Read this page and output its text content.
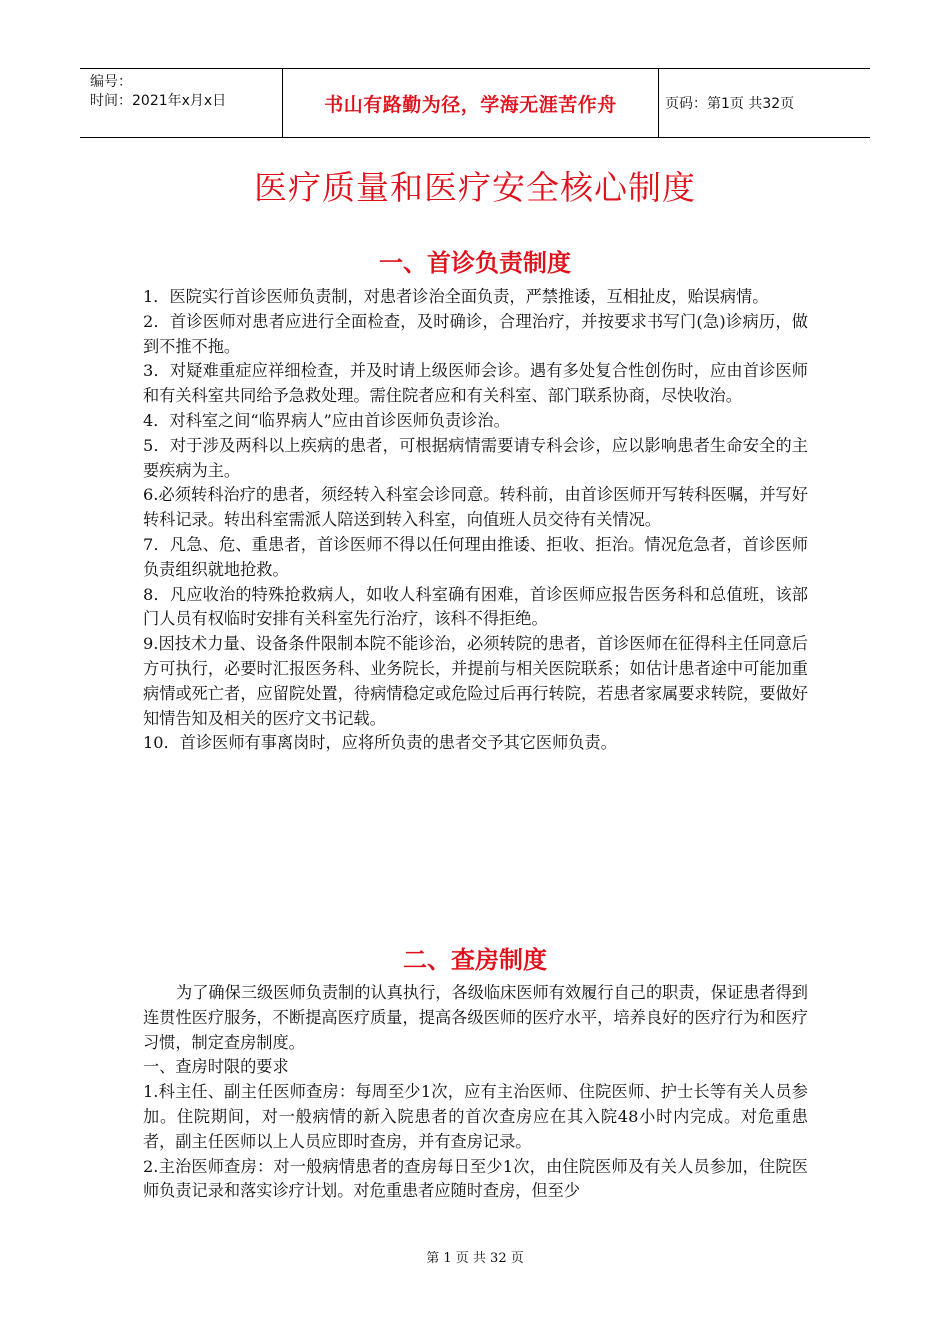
编号：
时间：2021年x月x日	书山有路勤为径，学海无涯苦作舟	页码：第1页 共32页
医疗质量和医疗安全核心制度
一、首诊负责制度

1．医院实行首诊医师负责制，对患者诊治全面负责，严禁推诿，互相扯皮，贻误病情。

2．首诊医师对患者应进行全面检查，及时确诊，合理治疗，并按要求书写门(急)诊病历，做到不推不拖。

3．对疑难重症应祥细检查，并及时请上级医师会诊。遇有多处复合性创伤时，应由首诊医师和有关科室共同给予急救处理。需住院者应和有关科室、部门联系协商，尽快收治。

4．对科室之间“临界病人”应由首诊医师负责诊治。

5．对于涉及两科以上疾病的患者，可根据病情需要请专科会诊，应以影响患者生命安全的主要疾病为主。

6.必须转科治疗的患者，须经转入科室会诊同意。转科前，由首诊医师开写转科医嘱，并写好转科记录。转出科室需派人陪送到转入科室，向值班人员交待有关情况。

7．凡急、危、重患者，首诊医师不得以任何理由推诿、拒收、拒治。情况危急者，首诊医师负责组织就地抢救。

8．凡应收治的特殊抢救病人，如收人科室确有困难，首诊医师应报告医务科和总值班，该部门人员有权临时安排有关科室先行治疗，该科不得拒绝。

9.因技术力量、设备条件限制本院不能诊治，必须转院的患者，首诊医师在征得科主任同意后方可执行，必要时汇报医务科、业务院长，并提前与相关医院联系；如估计患者途中可能加重病情或死亡者，应留院处置，待病情稳定或危险过后再行转院，若患者家属要求转院，要做好知情告知及相关的医疗文书记载。

10．首诊医师有事离岗时，应将所负责的患者交予其它医师负责。

二、查房制度

为了确保三级医师负责制的认真执行，各级临床医师有效履行自己的职责，保证患者得到连贯性医疗服务，不断提高医疗质量，提高各级医师的医疗水平，培养良好的医疗行为和医疗习惯，制定查房制度。

一、查房时限的要求

1.科主任、副主任医师查房：每周至少1次，应有主治医师、住院医师、护士长等有关人员参加。住院期间，对一般病情的新入院患者的首次查房应在其入院48小时内完成。对危重患者，副主任医师以上人员应即时查房，并有查房记录。

2.主治医师查房：对一般病情患者的查房每日至少1次，由住院医师及有关人员参加，住院医师负责记录和落实诊疗计划。对危重患者应随时查房，但至少

第 1 页 共 32 页
